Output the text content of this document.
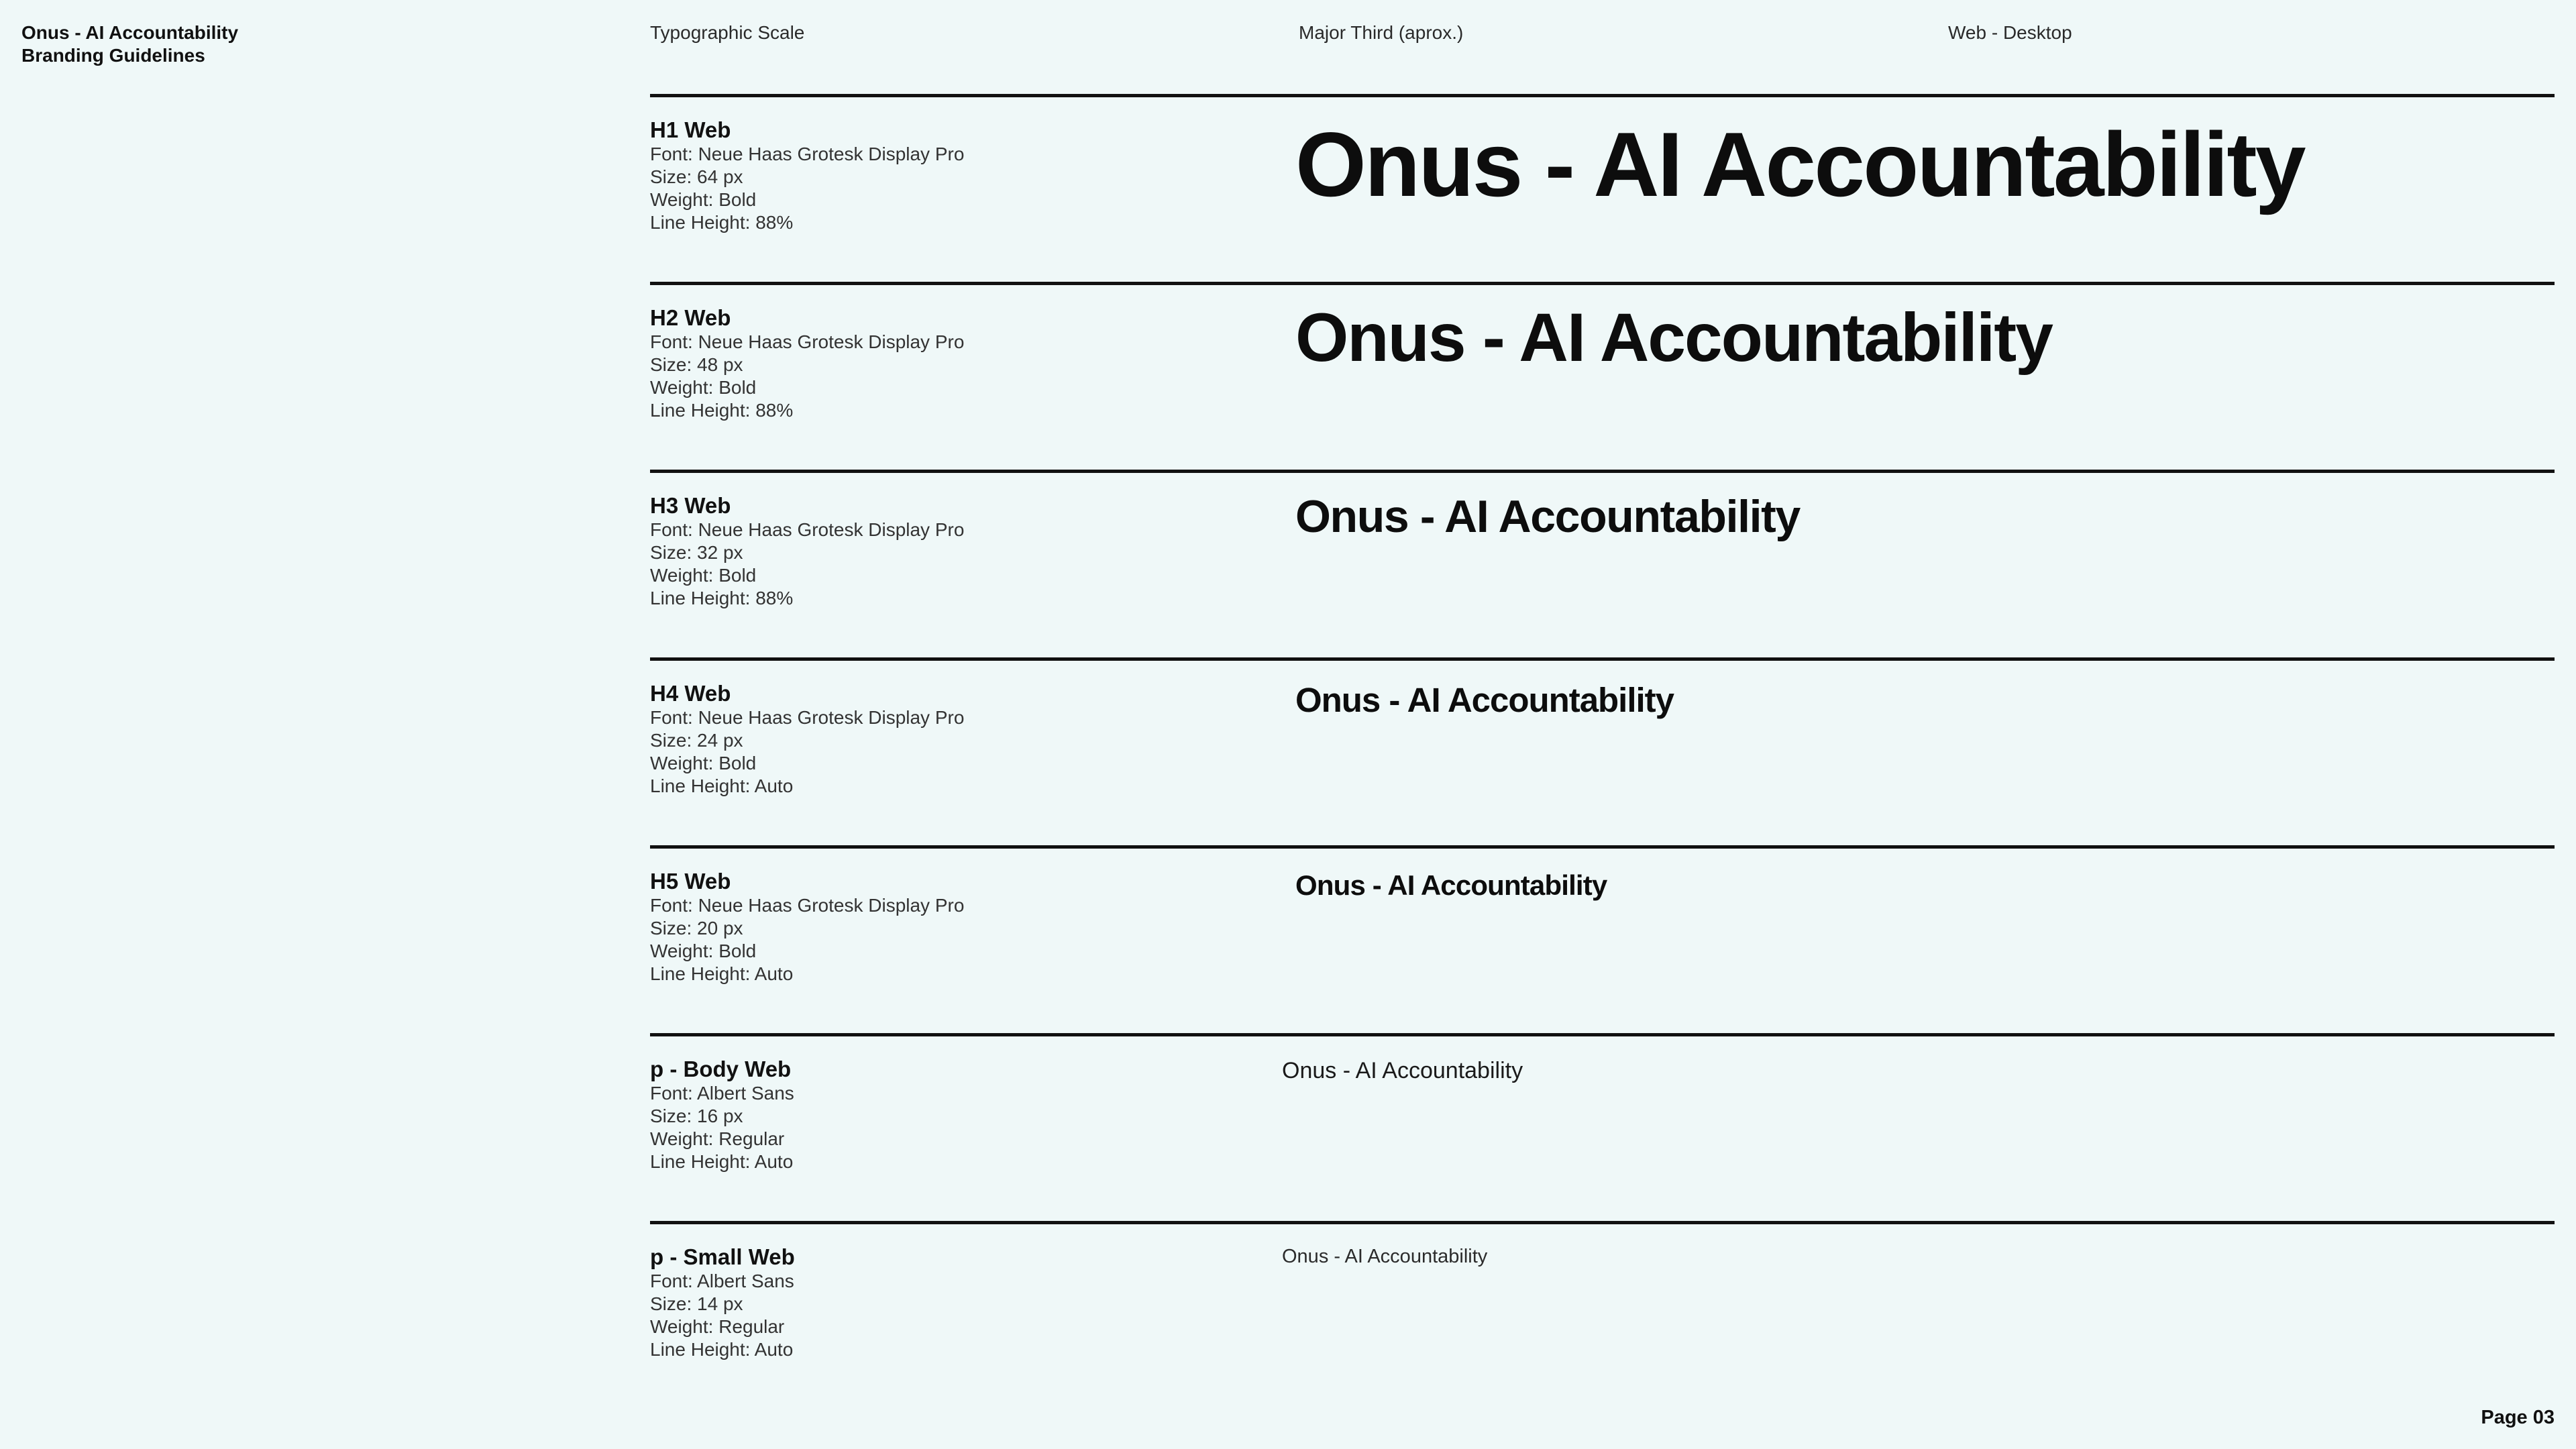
Onus - AI Accountability
Branding Guidelines
Typographic Scale	Major Third (aprox.)	Web - Desktop
H1 Web
Font: Neue Haas Grotesk Display Pro
Size: 64 px
Weight: Bold
Line Height: 88%
Onus - AI Accountability
H2 Web
Font: Neue Haas Grotesk Display Pro
Size: 48 px
Weight: Bold
Line Height: 88%
Onus - AI Accountability
H3 Web
Font: Neue Haas Grotesk Display Pro
Size: 32 px
Weight: Bold
Line Height: 88%
Onus - AI Accountability
H4 Web
Font: Neue Haas Grotesk Display Pro
Size: 24 px
Weight: Bold
Line Height: Auto
Onus - AI Accountability
H5 Web
Font: Neue Haas Grotesk Display Pro
Size: 20 px
Weight: Bold
Line Height: Auto
Onus - AI Accountability
p - Body Web
Font: Albert Sans
Size: 16 px
Weight: Regular
Line Height: Auto
Onus - AI Accountability
p - Small Web
Font: Albert Sans
Size: 14 px
Weight: Regular
Line Height: Auto
Onus - AI Accountability
Page 03
